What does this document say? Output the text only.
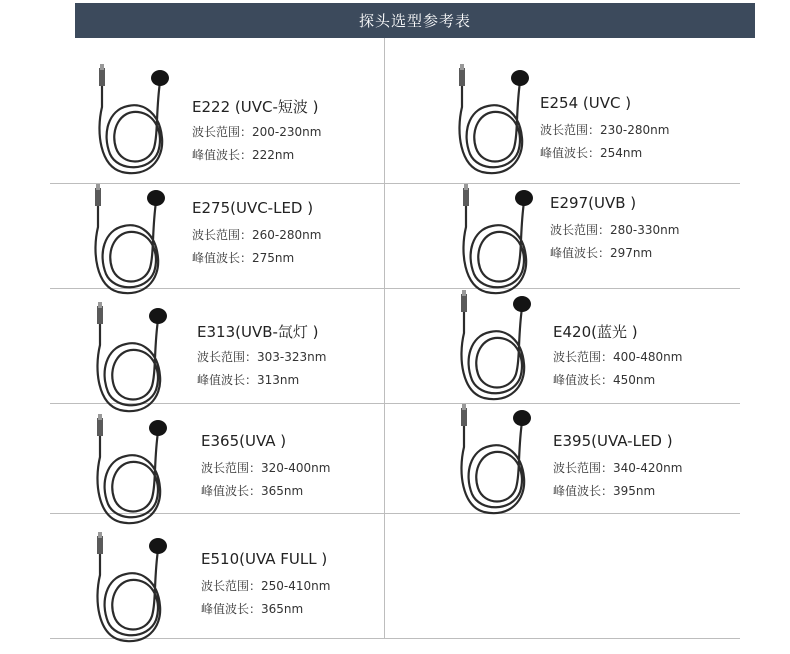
探头选型参考表
E222 (UVC-短波 )
波长范围：200-230nm
峰值波长：222nm
E254 (UVC )
波长范围：230-280nm
峰值波长：254nm
E275(UVC-LED )
波长范围：260-280nm
峰值波长：275nm
E297(UVB )
波长范围：280-330nm
峰值波长：297nm
E313(UVB-氙灯 )
波长范围：303-323nm
峰值波长：313nm
E420(蓝光 )
波长范围：400-480nm
峰值波长：450nm
E365(UVA )
波长范围：320-400nm
峰值波长：365nm
E395(UVA-LED )
波长范围：340-420nm
峰值波长：395nm
E510(UVA FULL )
波长范围：250-410nm
峰值波长：365nm
